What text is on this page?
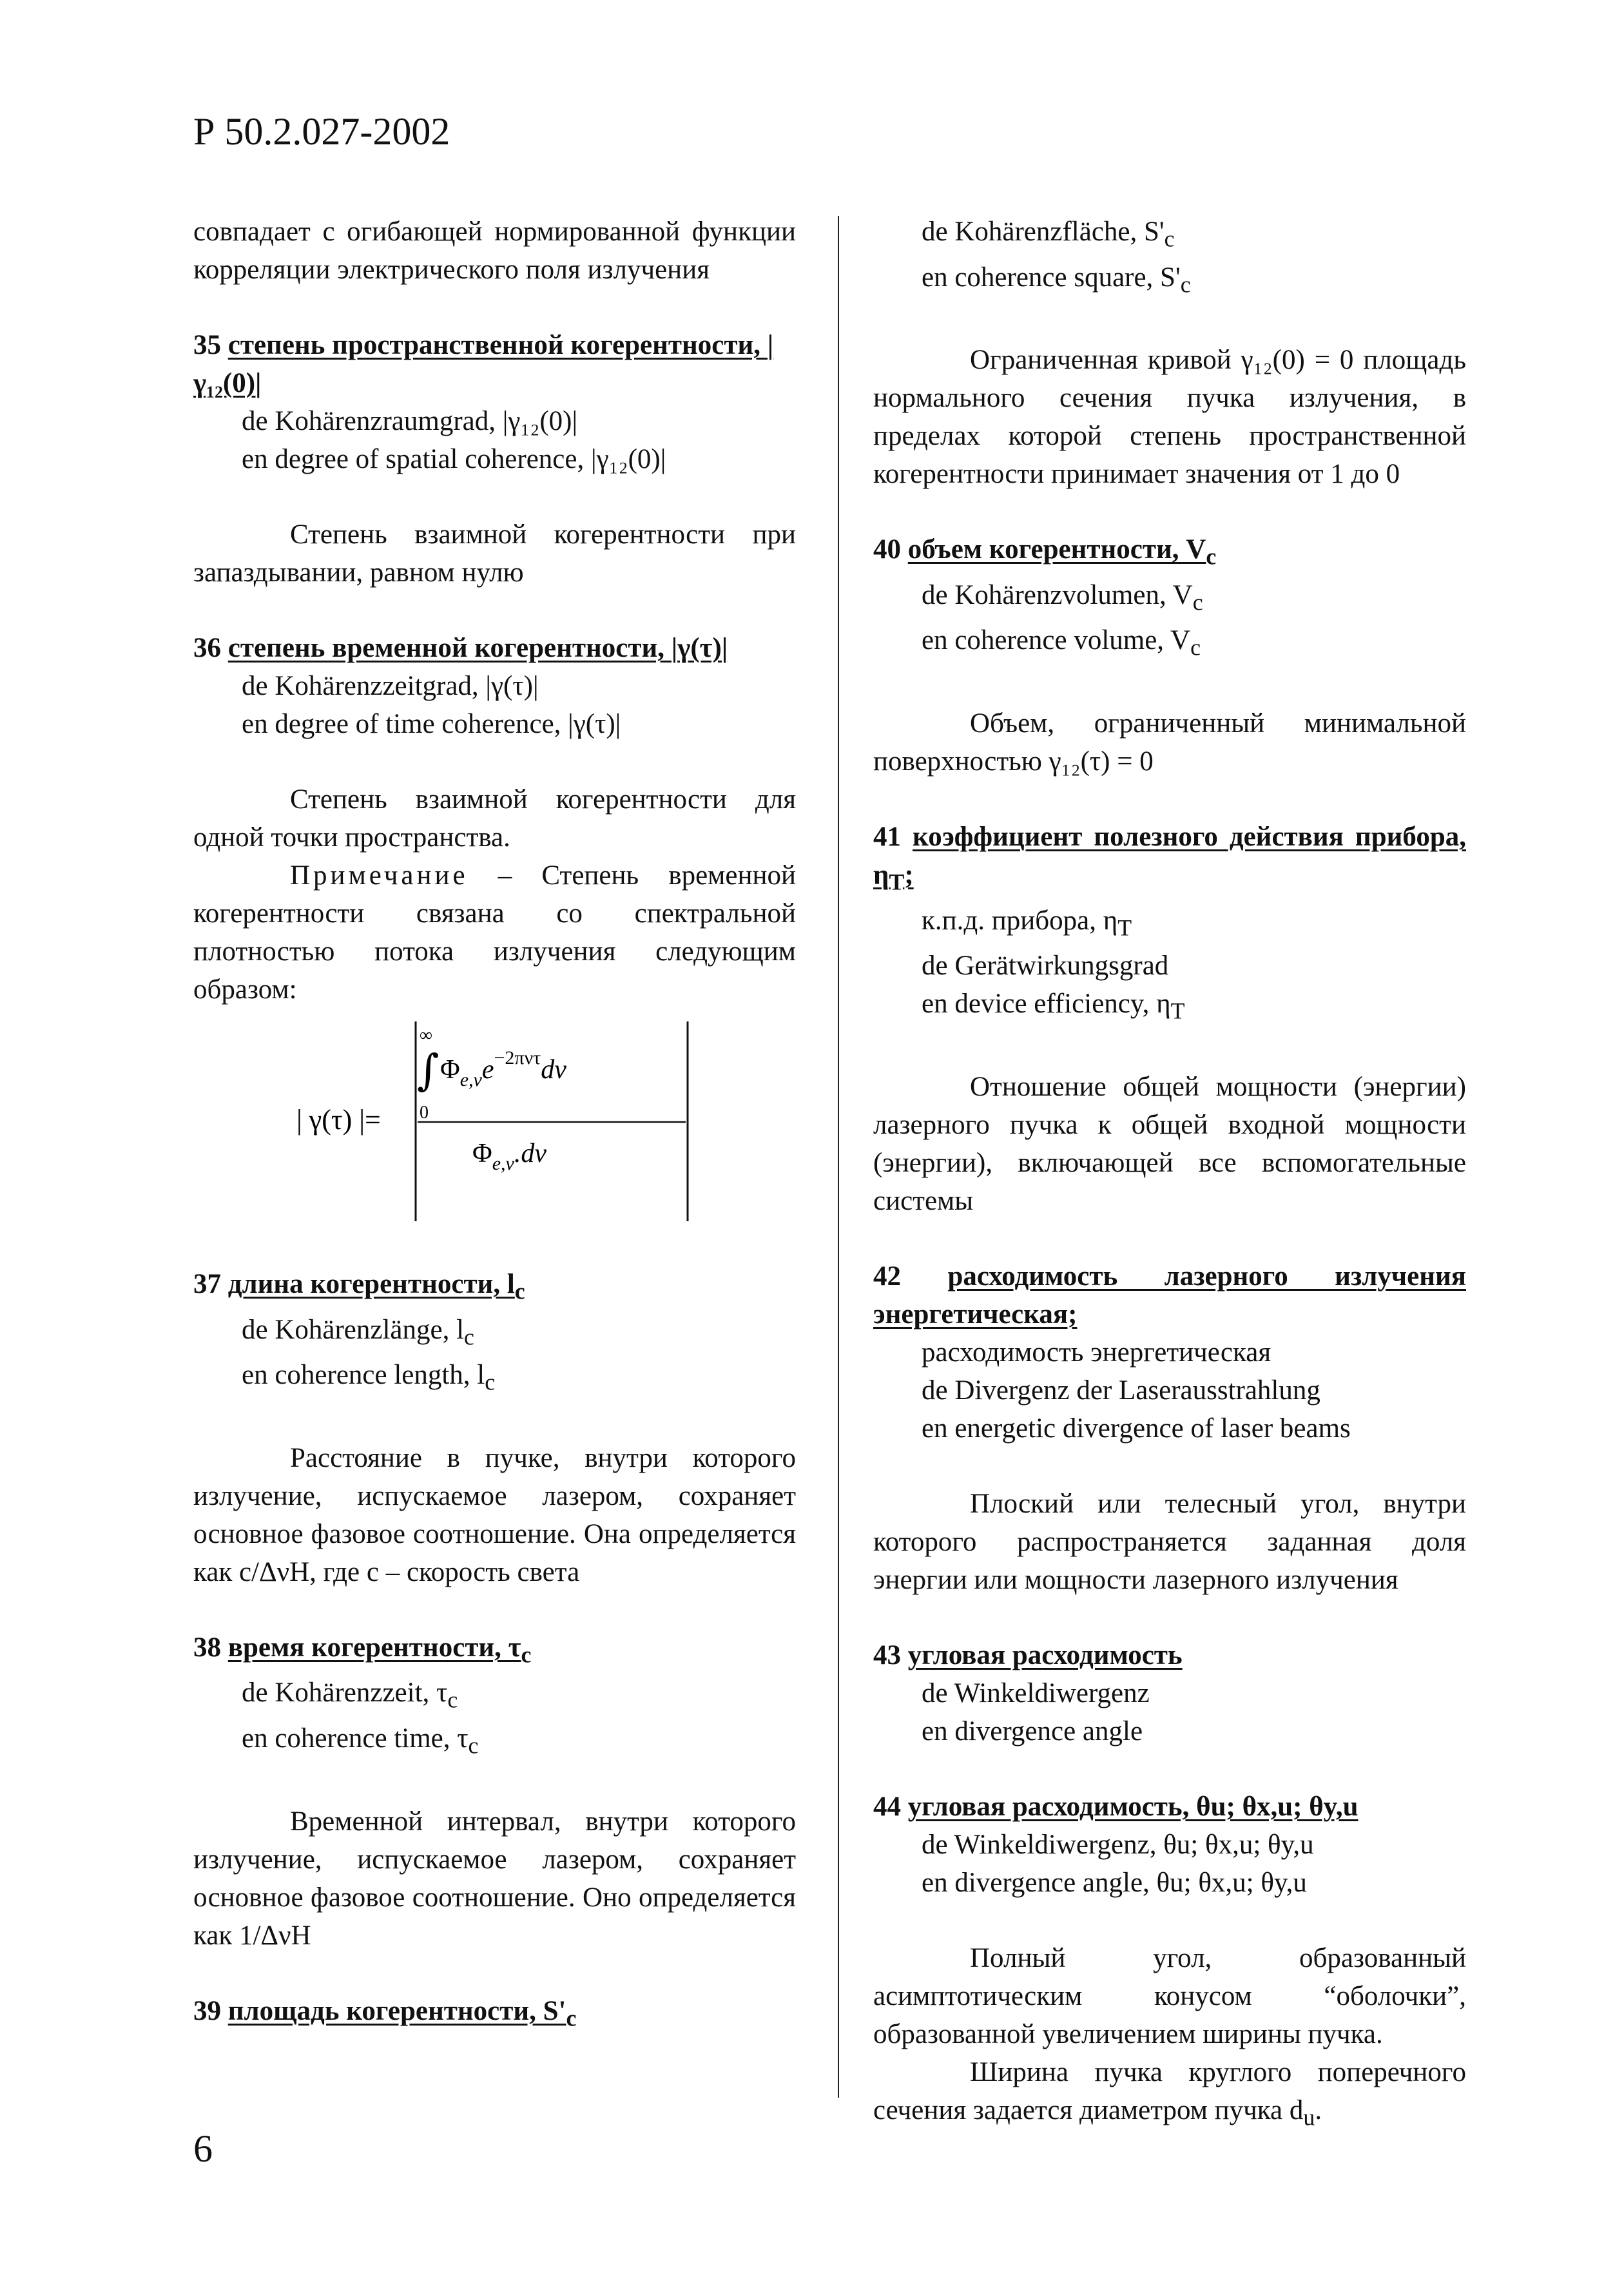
Р 50.2.027-2002

совпадает с огибающей нормированной функции корреляции электрического поля излучения

35 степень пространственной когерентности, |γ₁₂(0)|
de Kohärenzraumgrad, |γ₁₂(0)|
en degree of spatial coherence, |γ₁₂(0)|

Степень взаимной когерентности при запаздывании, равном нулю

36 степень временной когерентности, |γ(τ)|
de Kohärenzzeitgrad, |γ(τ)|
en degree of time coherence, |γ(τ)|

Степень взаимной когерентности для одной точки пространства.

Примечание – Степень временной когерентности связана со спектральной плотностью потока излучения следующим образом:

| γ(τ) |=
∞
∫ $\Phi_{e,\nu}e^{-2\pi\nu\tau}d\nu$
0
$\Phi_{e,\nu}.d\nu$
37 длина когерентности, $l_c$
de Kohärenzlänge, $l_c$
en coherence length, $l_c$

Расстояние в пучке, внутри которого излучение, испускаемое лазером, сохраняет основное фазовое соотношение. Она определяется как c/ΔνH, где c – скорость света

38 время когерентности, $\tau_c$
de Kohärenzzeit, $\tau_c$
en coherence time, $\tau_c$

Временной интервал, внутри которого излучение, испускаемое лазером, сохраняет основное фазовое соотношение. Оно определяется как 1/ΔνH

39 площадь когерентности, $S'_c$
de Kohärenzfläche, $S'_c$
en coherence square, $S'_c$

Ограниченная кривой γ₁₂(0) = 0 площадь нормального сечения пучка излучения, в пределах которой степень пространственной когерентности принимает значения от 1 до 0

40 объем когерентности, $V_c$
de Kohärenzvolumen, $V_c$
en coherence volume, $V_c$

Объем, ограниченный минимальной поверхностью γ₁₂(τ) = 0

41 коэффициент полезного действия прибора, $\eta_T$;
к.п.д. прибора, $\eta_T$
de Gerätwirkungsgrad
en device efficiency, $\eta_T$

Отношение общей мощности (энергии) лазерного пучка к общей входной мощности (энергии), включающей все вспомогательные системы

42 расходимость лазерного излучения энергетическая;
расходимость энергетическая
de Divergenz der Laserausstrahlung
en energetic divergence of laser beams

Плоский или телесный угол, внутри которого распространяется заданная доля энергии или мощности лазерного излучения

43 угловая расходимость
de Winkeldiwergenz
en divergence angle
44 угловая расходимость, θu; θx,u; θy,u
de Winkeldiwergenz, θu; θx,u; θy,u
en divergence angle, θu; θx,u; θy,u

Полный угол, образованный асимптотическим конусом “оболочки”, образованной увеличением ширины пучка.

Ширина пучка круглого поперечного сечения задается диаметром пучка $d_u$.

6
